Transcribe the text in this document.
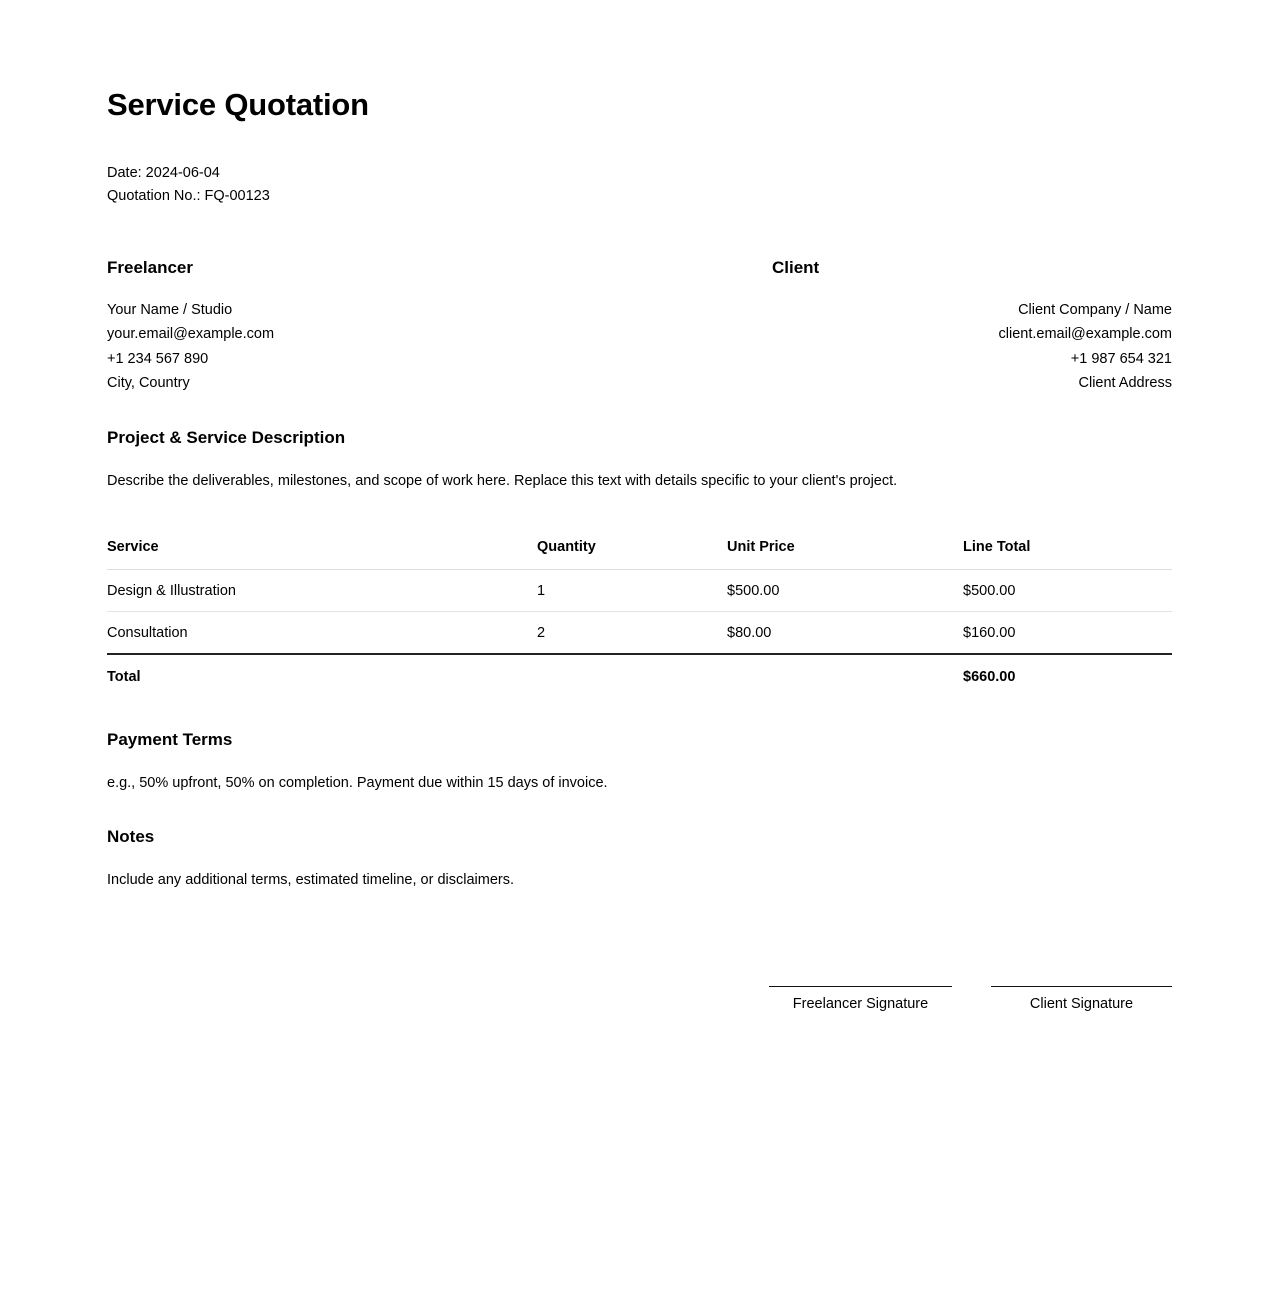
Service Quotation
Date: 2024-06-04
Quotation No.: FQ-00123
Freelancer
Your Name / Studio
your.email@example.com
+1 234 567 890
City, Country
Client
Client Company / Name
client.email@example.com
+1 987 654 321
Client Address
Project & Service Description

Describe the deliverables, milestones, and scope of work here. Replace this text with details specific to your client's project.

Service	Quantity	Unit Price	Line Total
Design & Illustration	1	$500.00	$500.00
Consultation	2	$80.00	$160.00
Total			$660.00
Payment Terms

e.g., 50% upfront, 50% on completion. Payment due within 15 days of invoice.

Notes

Include any additional terms, estimated timeline, or disclaimers.

Freelancer Signature	Client Signature
